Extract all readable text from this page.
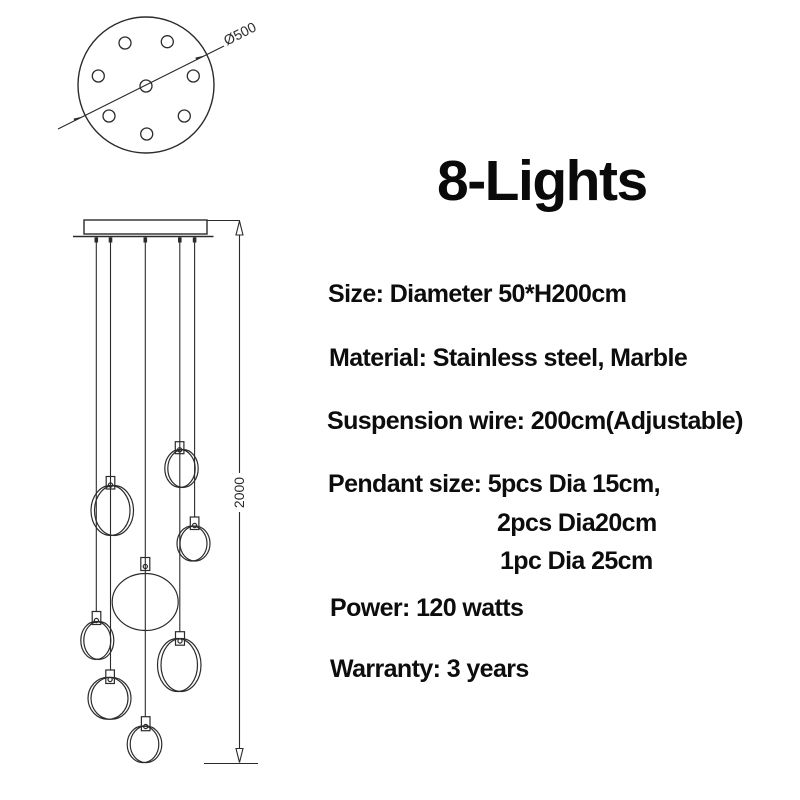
Ø500
2000
8-Lights
Size: Diameter 50*H200cm
Material: Stainless steel, Marble
Suspension wire: 200cm(Adjustable)
Pendant size: 5pcs Dia 15cm,
2pcs Dia20cm
1pc Dia 25cm
Power: 120 watts
Warranty: 3 years
